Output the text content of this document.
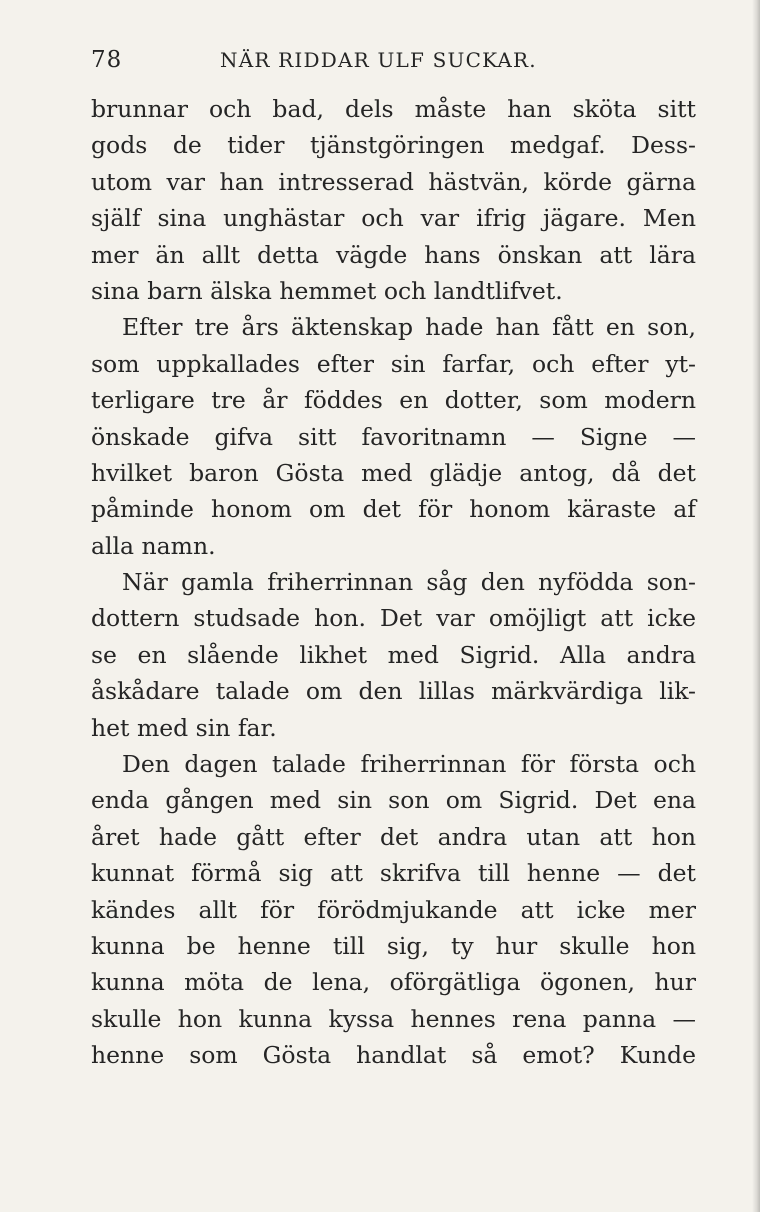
78	NÄR RIDDAR ULF SUCKAR.
brunnar och bad, dels måste han sköta sitt
gods de tider tjänstgöringen medgaf. Dess-
utom var han intresserad hästvän, körde gärna
själf sina unghästar och var ifrig jägare. Men
mer än allt detta vägde hans önskan att lära
sina barn älska hemmet och landtlifvet.
Efter tre års äktenskap hade han fått en son,
som uppkallades efter sin farfar, och efter yt-
terligare tre år föddes en dotter, som modern
önskade gifva sitt favoritnamn — Signe —
hvilket baron Gösta med glädje antog, då det
påminde honom om det för honom käraste af
alla namn.
När gamla friherrinnan såg den nyfödda son-
dottern studsade hon. Det var omöjligt att icke
se en slående likhet med Sigrid. Alla andra
åskådare talade om den lillas märkvärdiga lik-
het med sin far.
Den dagen talade friherrinnan för första och
enda gången med sin son om Sigrid. Det ena
året hade gått efter det andra utan att hon
kunnat förmå sig att skrifva till henne — det
kändes allt för förödmjukande att icke mer
kunna be henne till sig, ty hur skulle hon
kunna möta de lena, oförgätliga ögonen, hur
skulle hon kunna kyssa hennes rena panna —
henne som Gösta handlat så emot? Kunde
